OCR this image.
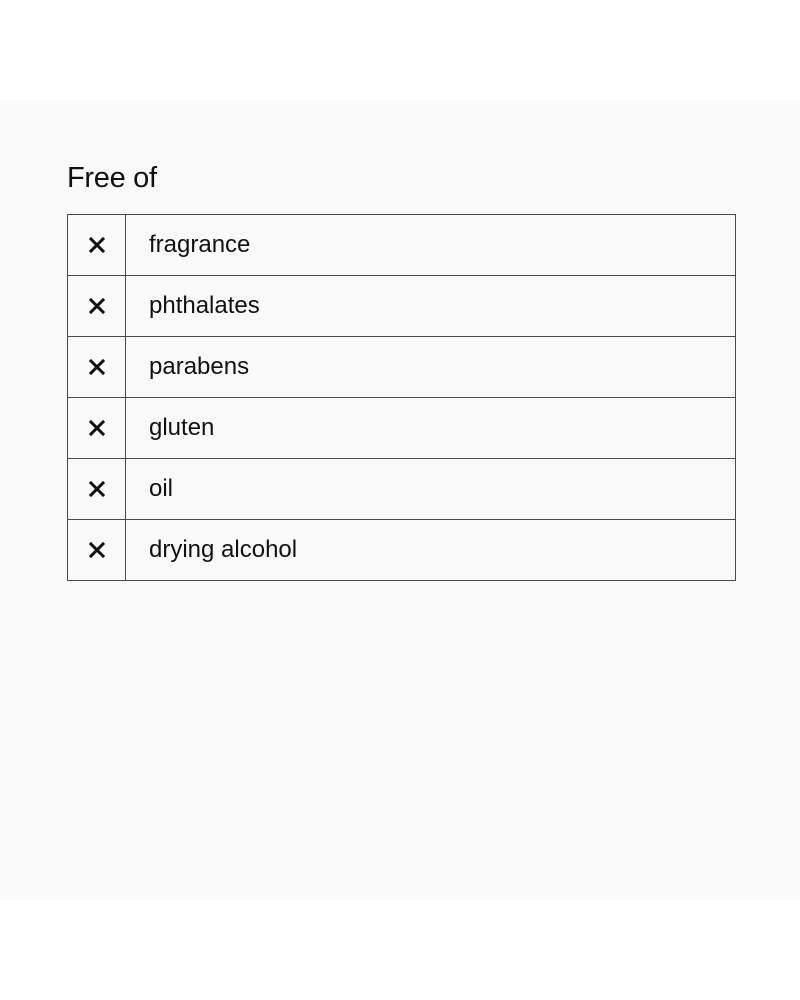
Free of
	fragrance
	phthalates
	parabens
	gluten
	oil
	drying alcohol
